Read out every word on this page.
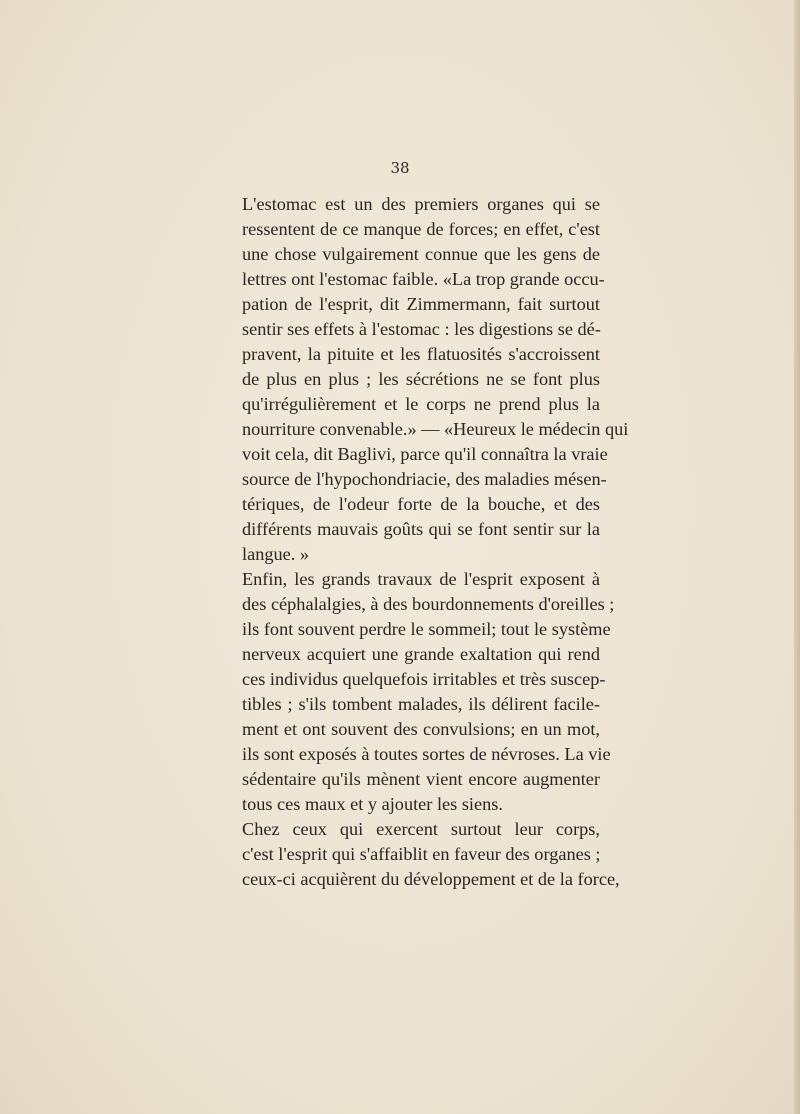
38

L'estomac est un des premiers organes qui se
ressentent de ce manque de forces; en effet, c'est
une chose vulgairement connue que les gens de
lettres ont l'estomac faible. «La trop grande occu-
pation de l'esprit, dit Zimmermann, fait surtout
sentir ses effets à l'estomac : les digestions se dé-
pravent, la pituite et les flatuosités s'accroissent
de plus en plus ; les sécrétions ne se font plus
qu'irrégulièrement et le corps ne prend plus la
nourriture convenable.» — «Heureux le médecin qui
voit cela, dit Baglivi, parce qu'il connaîtra la vraie
source de l'hypochondriacie, des maladies mésen-
tériques, de l'odeur forte de la bouche, et des
différents mauvais goûts qui se font sentir sur la
langue. »

Enfin, les grands travaux de l'esprit exposent à
des céphalalgies, à des bourdonnements d'oreilles ;
ils font souvent perdre le sommeil; tout le système
nerveux acquiert une grande exaltation qui rend
ces individus quelquefois irritables et très suscep-
tibles ; s'ils tombent malades, ils délirent facile-
ment et ont souvent des convulsions; en un mot,
ils sont exposés à toutes sortes de névroses. La vie
sédentaire qu'ils mènent vient encore augmenter
tous ces maux et y ajouter les siens.

Chez ceux qui exercent surtout leur corps,
c'est l'esprit qui s'affaiblit en faveur des organes ;
ceux-ci acquièrent du développement et de la force,
